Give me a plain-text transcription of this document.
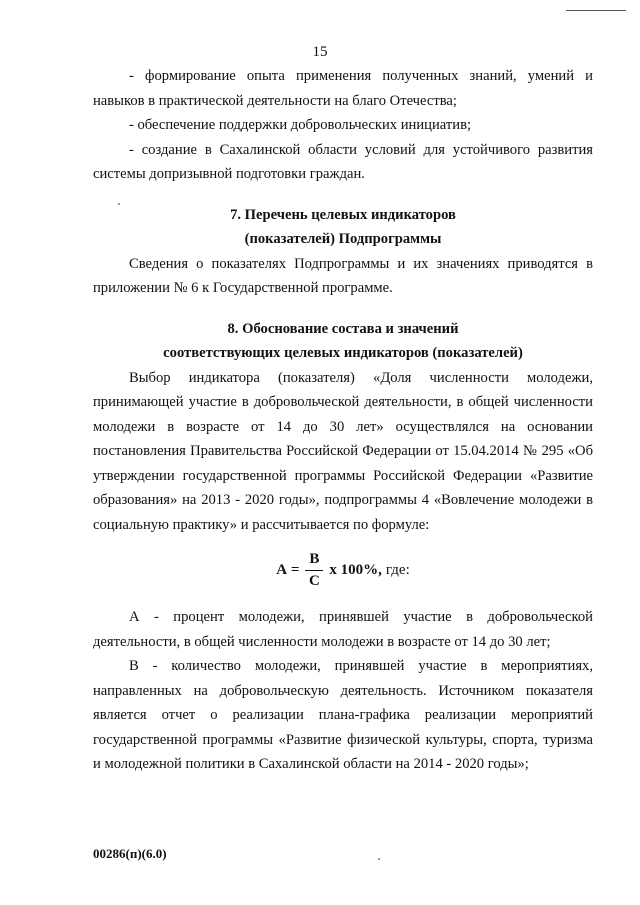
15

- формирование опыта применения полученных знаний, умений и навыков в практической деятельности на благо Отечества;

- обеспечение поддержки добровольческих инициатив;

- создание в Сахалинской области условий для устойчивого развития системы допризывной подготовки граждан.

7. Перечень целевых индикаторов

(показателей) Подпрограммы

Сведения о показателях Подпрограммы и их значениях приводятся в приложении № 6 к Государственной программе.

8. Обоснование состава и значений

соответствующих целевых индикаторов (показателей)

Выбор индикатора (показателя) «Доля численности молодежи, принимающей участие в добровольческой деятельности, в общей численности молодежи в возрасте от 14 до 30 лет» осуществлялся на основании постановления Правительства Российской Федерации от 15.04.2014 № 295 «Об утверждении государственной программы Российской Федерации «Развитие образования» на 2013 - 2020 годы», подпрограммы 4 «Вовлечение молодежи в социальную практику» и рассчитывается по формуле:

$А = \frac{В}{С}$ х 100%, где:

А - процент молодежи, принявшей участие в добровольческой деятельности, в общей численности молодежи в возрасте от 14 до 30 лет;

В - количество молодежи, принявшей участие в мероприятиях, направленных на добровольческую деятельность. Источником показателя является отчет о реализации плана-графика реализации мероприятий государственной программы «Развитие физической культуры, спорта, туризма и молодежной политики в Сахалинской области на 2014 - 2020 годы»;

00286(п)(6.0)
